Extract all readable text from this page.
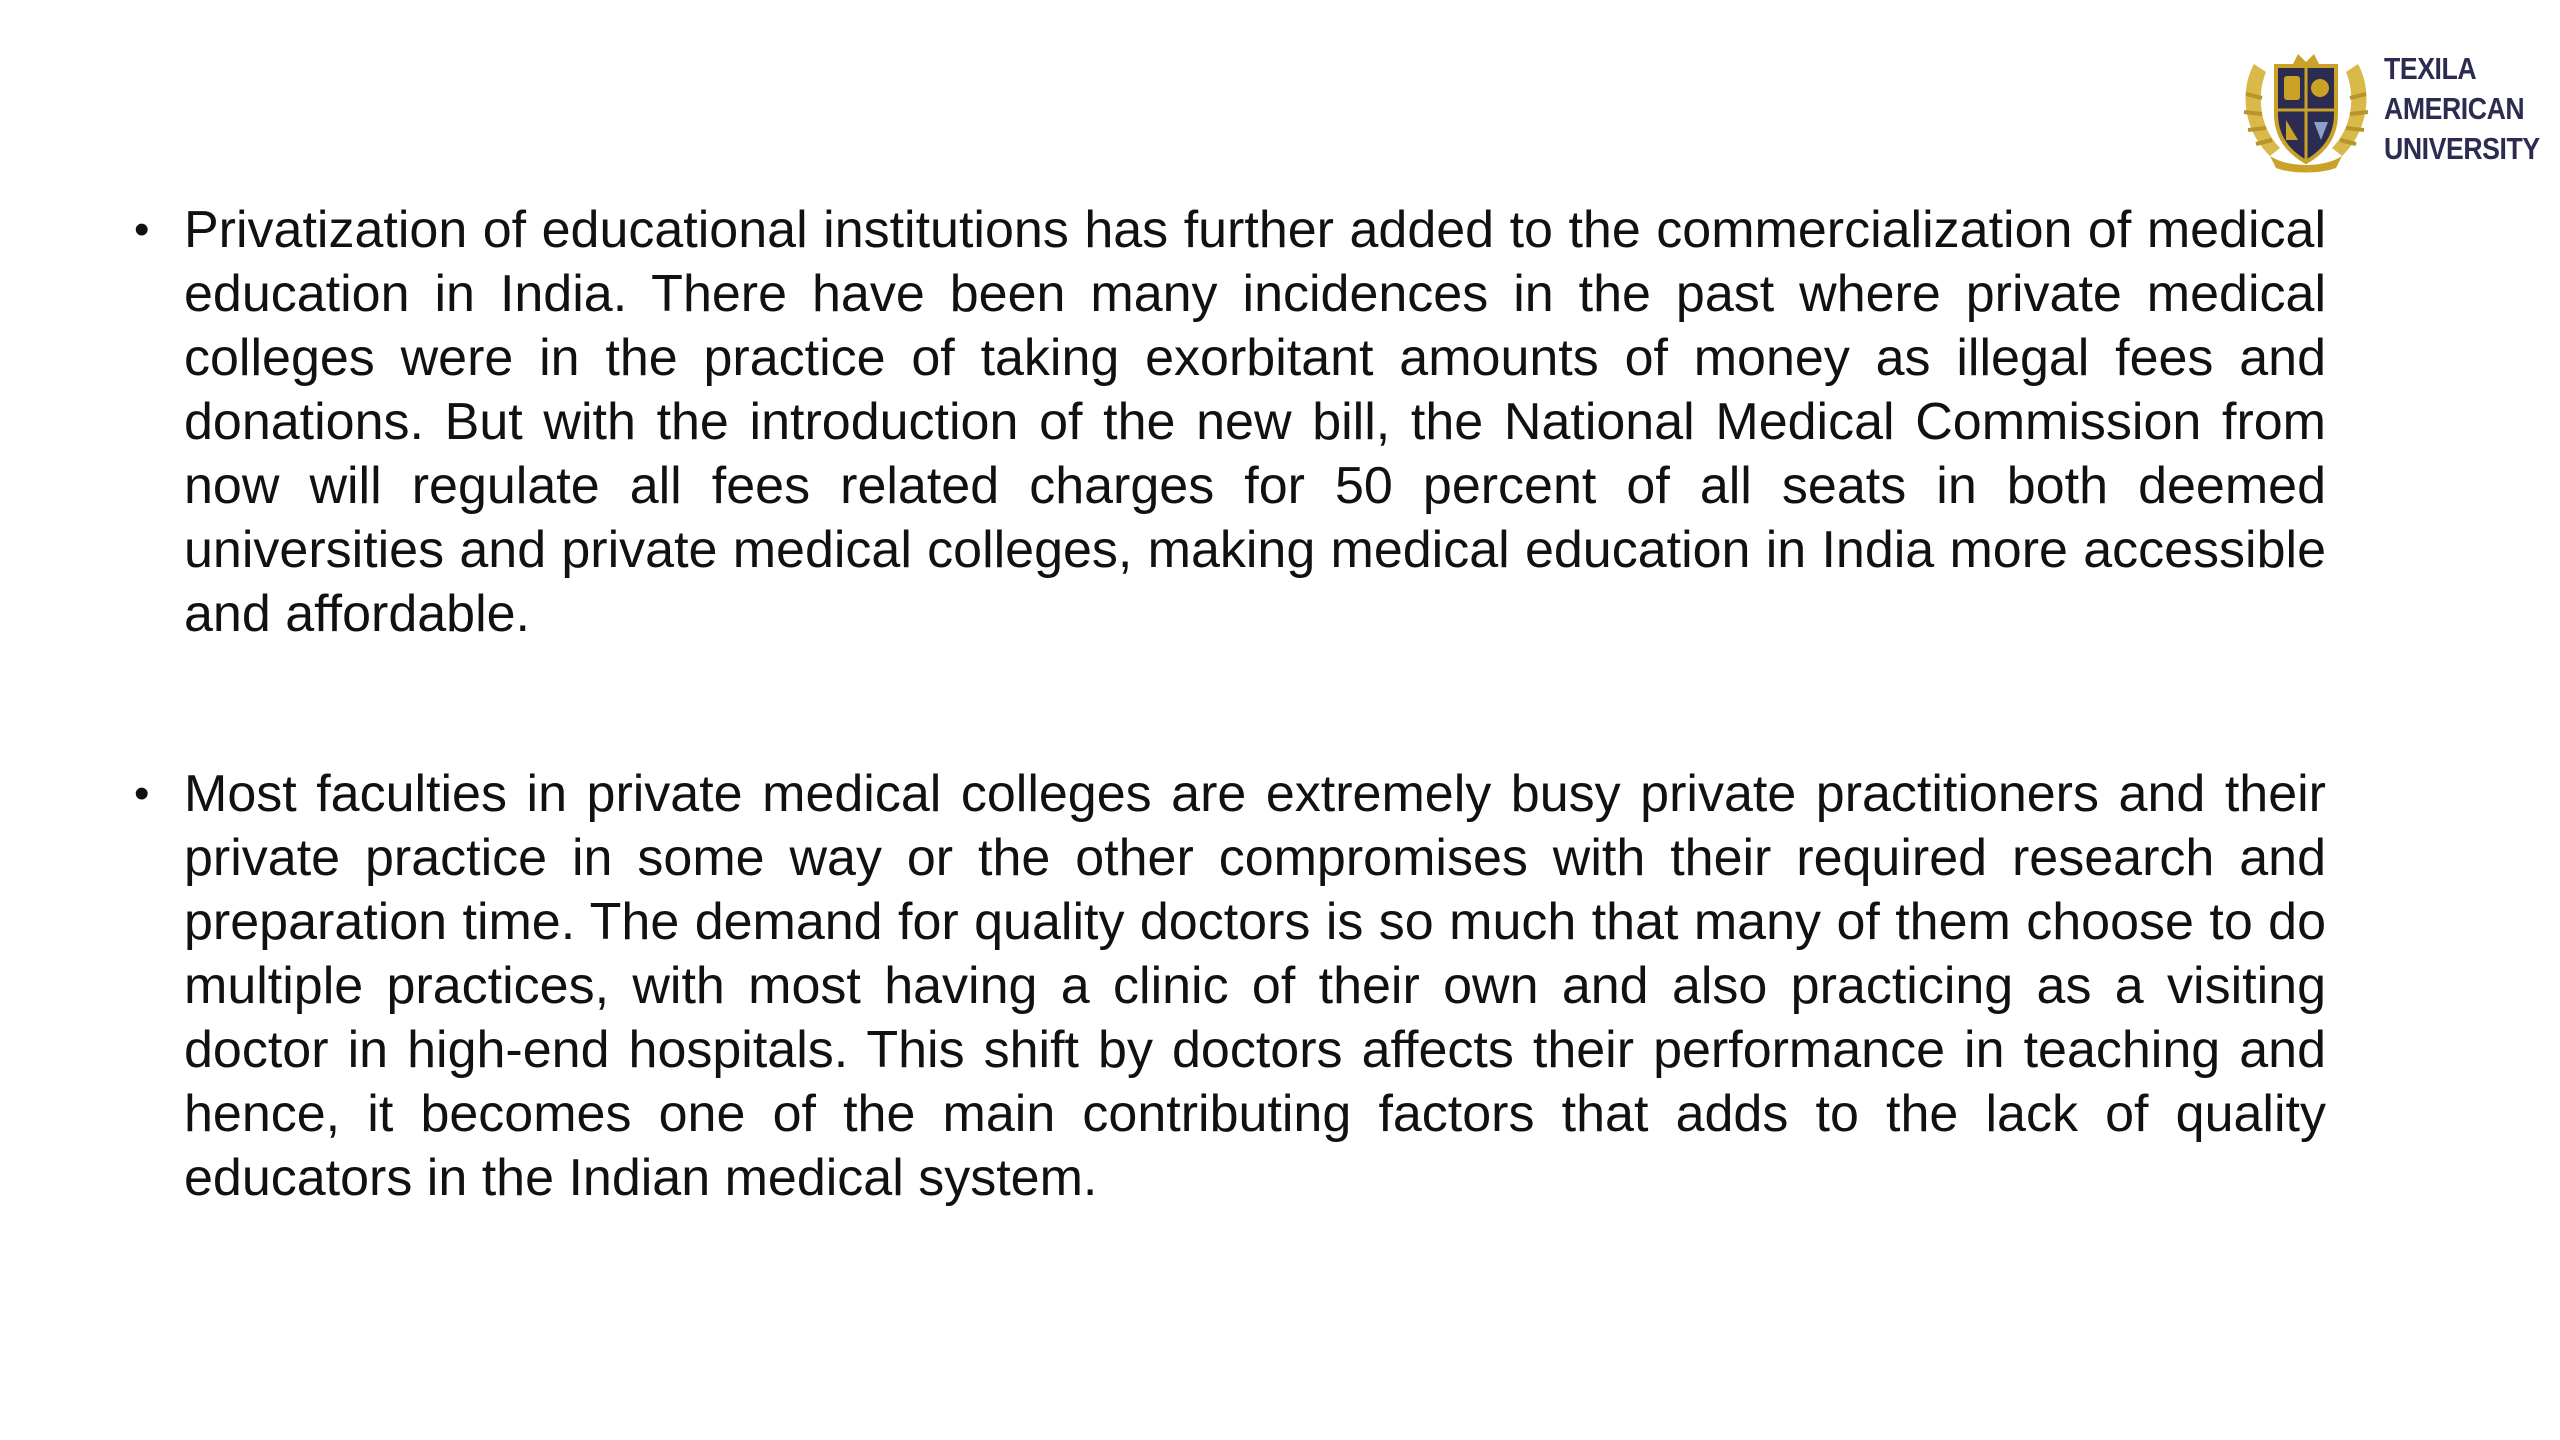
TEXILA
AMERICAN
UNIVERSITY
• Privatization of educational institutions has further added to the commercialization of medical education in India. There have been many incidences in the past where private medical colleges were in the practice of taking exorbitant amounts of money as illegal fees and donations. But with the introduction of the new bill, the National Medical Commission from now will regulate all fees related charges for 50 percent of all seats in both deemed universities and private medical colleges, making medical education in India more accessible and affordable.
• Most faculties in private medical colleges are extremely busy private practitioners and their private practice in some way or the other compromises with their required research and preparation time. The demand for quality doctors is so much that many of them choose to do multiple practices, with most having a clinic of their own and also practicing as a visiting doctor in high-end hospitals. This shift by doctors affects their performance in teaching and hence, it becomes one of the main contributing factors that adds to the lack of quality educators in the Indian medical system.
